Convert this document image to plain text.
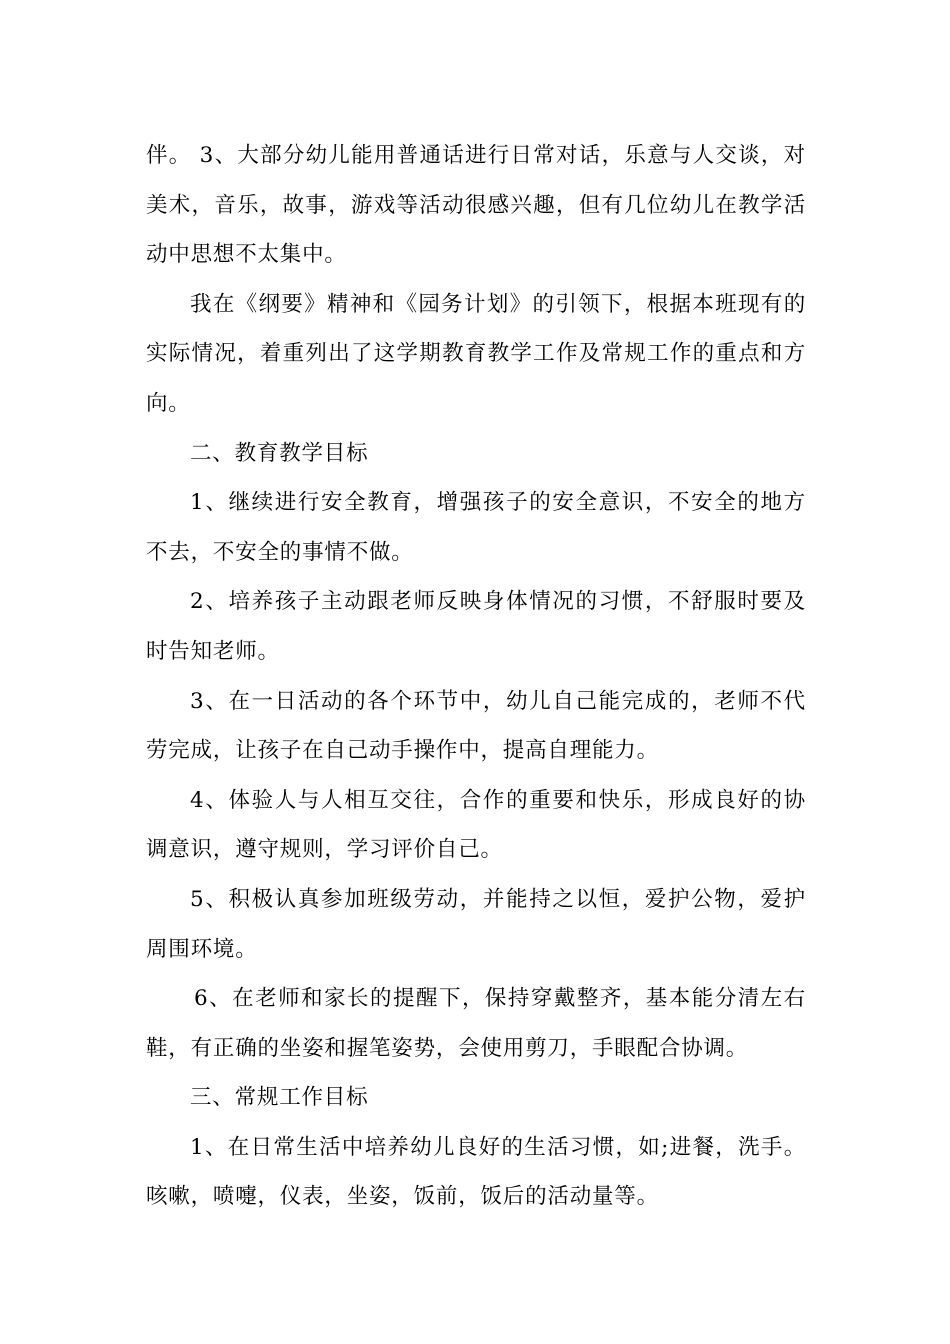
伴。 3、大部分幼儿能用普通话进行日常对话，乐意与人交谈，对美术，音乐，故事，游戏等活动很感兴趣，但有几位幼儿在教学活动中思想不太集中。

我在《纲要》精神和《园务计划》的引领下，根据本班现有的实际情况，着重列出了这学期教育教学工作及常规工作的重点和方向。

二、教育教学目标

1、继续进行安全教育，增强孩子的安全意识，不安全的地方不去，不安全的事情不做。

2、培养孩子主动跟老师反映身体情况的习惯，不舒服时要及时告知老师。

3、在一日活动的各个环节中，幼儿自己能完成的，老师不代劳完成，让孩子在自己动手操作中，提高自理能力。

4、体验人与人相互交往，合作的重要和快乐，形成良好的协调意识，遵守规则，学习评价自己。

5、积极认真参加班级劳动，并能持之以恒，爱护公物，爱护周围环境。

6、在老师和家长的提醒下，保持穿戴整齐，基本能分清左右鞋，有正确的坐姿和握笔姿势，会使用剪刀，手眼配合协调。

三、常规工作目标

1、在日常生活中培养幼儿良好的生活习惯，如;进餐，洗手。咳嗽，喷嚏，仪表，坐姿，饭前，饭后的活动量等。
